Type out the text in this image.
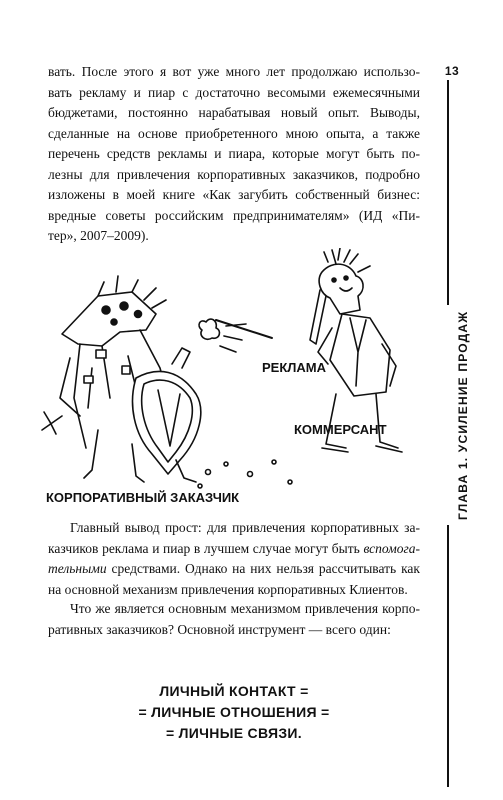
13
ГЛАВА 1. УСИЛЕНИЕ ПРОДАЖ
вать. После этого я вот уже много лет продолжаю использо-
вать рекламу и пиар с достаточно весомыми ежемесячными
бюджетами, постоянно нарабатывая новый опыт. Выводы,
сделанные на основе приобретенного мною опыта, а также
перечень средств рекламы и пиара, которые могут быть по-
лезны для привлечения корпоративных заказчиков, подробно
изложены в моей книге «Как загубить собственный бизнес:
вредные советы российским предпринимателям» (ИД «Пи-
тер», 2007–2009).
РЕКЛАМА
КОММЕРСАНТ
КОРПОРАТИВНЫЙ ЗАКАЗЧИК
Главный вывод прост: для привлечения корпоративных за-
казчиков реклама и пиар в лучшем случае могут быть вспомога-
тельными средствами. Однако на них нельзя рассчитывать как
на основной механизм привлечения корпоративных Клиентов.
Что же является основным механизмом привлечения корпо-
ративных заказчиков? Основной инструмент — всего один:
ЛИЧНЫЙ КОНТАКТ =
= ЛИЧНЫЕ ОТНОШЕНИЯ =
= ЛИЧНЫЕ СВЯЗИ.
